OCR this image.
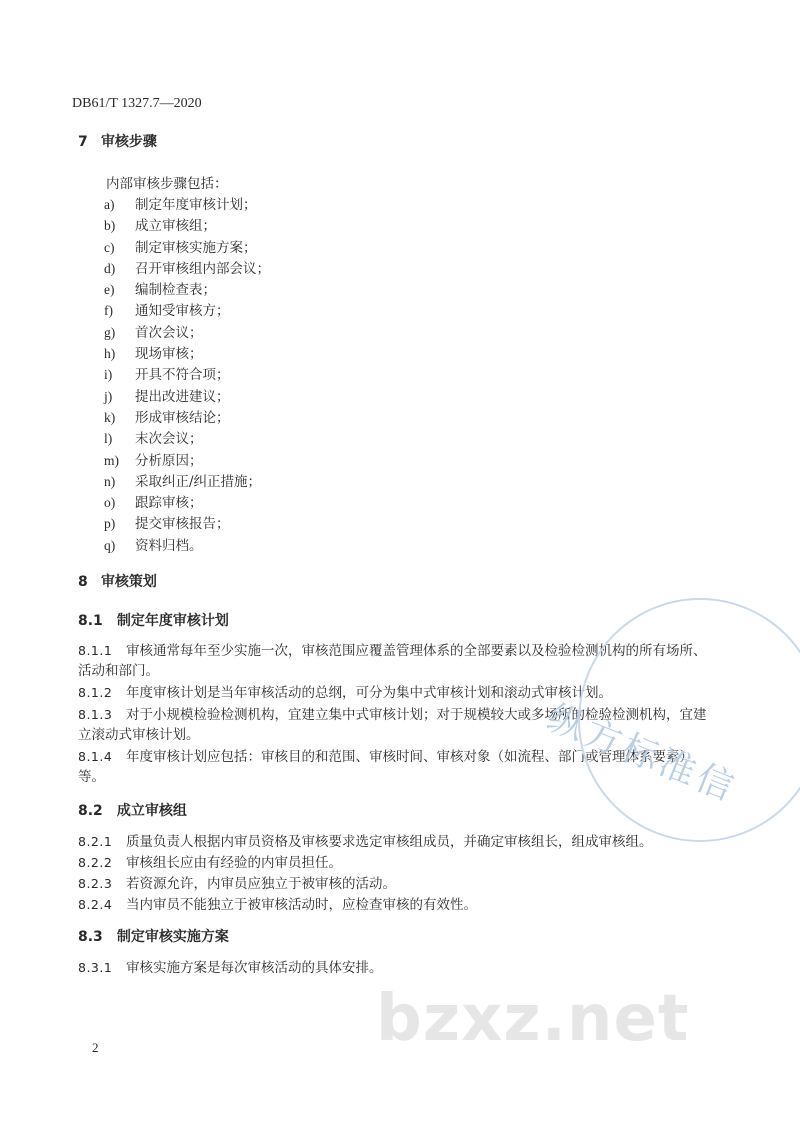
DB61/T 1327.7—2020
7 审核步骤
内部审核步骤包括：
a) 制定年度审核计划；
b) 成立审核组；
c) 制定审核实施方案；
d) 召开审核组内部会议；
e) 编制检查表；
f) 通知受审核方；
g) 首次会议；
h) 现场审核；
i) 开具不符合项；
j) 提出改进建议；
k) 形成审核结论；
l) 末次会议；
m) 分析原因；
n) 采取纠正/纠正措施；
o) 跟踪审核；
p) 提交审核报告；
q) 资料归档。
8 审核策划
8.1 制定年度审核计划
8.1.1 审核通常每年至少实施一次，审核范围应覆盖管理体系的全部要素以及检验检测机构的所有场所、活动和部门。
8.1.2 年度审核计划是当年审核活动的总纲，可分为集中式审核计划和滚动式审核计划。
8.1.3 对于小规模检验检测机构，宜建立集中式审核计划；对于规模较大或多场所的检验检测机构，宜建立滚动式审核计划。
8.1.4 年度审核计划应包括：审核目的和范围、审核时间、审核对象（如流程、部门或管理体系要素）等。
8.2 成立审核组
8.2.1 质量负责人根据内审员资格及审核要求选定审核组成员，并确定审核组长，组成审核组。
8.2.2 审核组长应由有经验的内审员担任。
8.2.3 若资源允许，内审员应独立于被审核的活动。
8.2.4 当内审员不能独立于被审核活动时，应检查审核的有效性。
8.3 制定审核实施方案
8.3.1 审核实施方案是每次审核活动的具体安排。
2
纵方标准信
bzxz.net
